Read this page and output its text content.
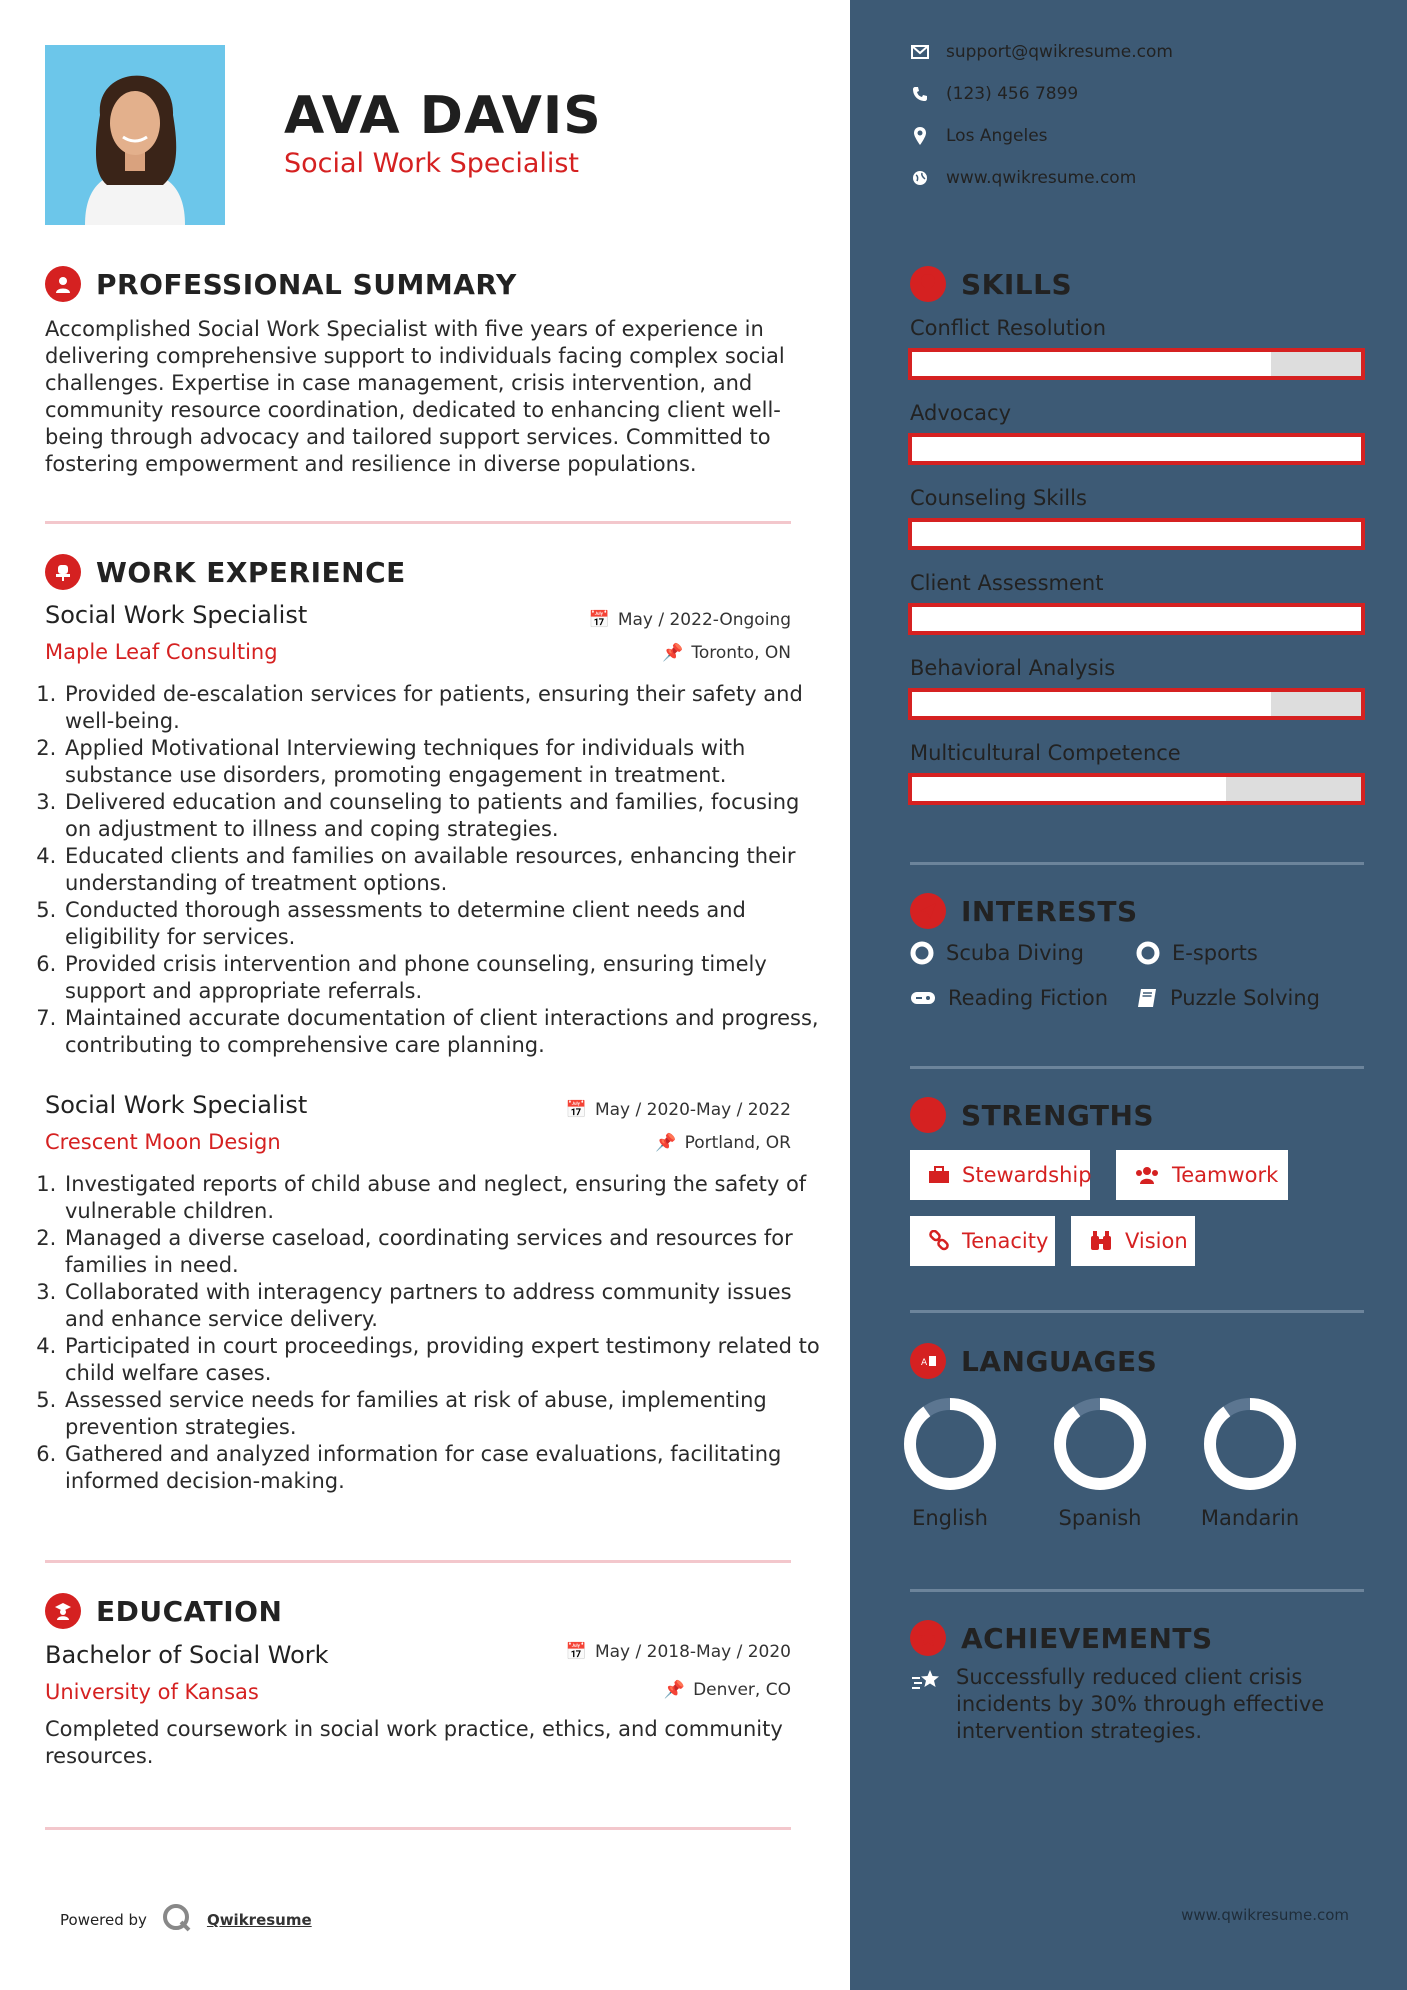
AVA DAVIS
Social Work Specialist
PROFESSIONAL SUMMARY
Accomplished Social Work Specialist with five years of experience in delivering comprehensive support to individuals facing complex social challenges. Expertise in case management, crisis intervention, and community resource coordination, dedicated to enhancing client well-being through advocacy and tailored support services. Committed to fostering empowerment and resilience in diverse populations.
WORK EXPERIENCE
Social Work Specialist
Maple Leaf Consulting
📅 May / 2022-Ongoing
📌 Toronto, ON
1. Provided de-escalation services for patients, ensuring their safety and well-being.
2. Applied Motivational Interviewing techniques for individuals with substance use disorders, promoting engagement in treatment.
3. Delivered education and counseling to patients and families, focusing on adjustment to illness and coping strategies.
4. Educated clients and families on available resources, enhancing their understanding of treatment options.
5. Conducted thorough assessments to determine client needs and eligibility for services.
6. Provided crisis intervention and phone counseling, ensuring timely support and appropriate referrals.
7. Maintained accurate documentation of client interactions and progress, contributing to comprehensive care planning.
Social Work Specialist
Crescent Moon Design
📅 May / 2020-May / 2022
📌 Portland, OR
1. Investigated reports of child abuse and neglect, ensuring the safety of vulnerable children.
2. Managed a diverse caseload, coordinating services and resources for families in need.
3. Collaborated with interagency partners to address community issues and enhance service delivery.
4. Participated in court proceedings, providing expert testimony related to child welfare cases.
5. Assessed service needs for families at risk of abuse, implementing prevention strategies.
6. Gathered and analyzed information for case evaluations, facilitating informed decision-making.
EDUCATION
Bachelor of Social Work
University of Kansas
📅 May / 2018-May / 2020
📌 Denver, CO
Completed coursework in social work practice, ethics, and community resources.
Powered by	Qwikresume
support@qwikresume.com
(123) 456 7899
Los Angeles
www.qwikresume.com
SKILLS
Conflict Resolution
Advocacy
Counseling Skills
Client Assessment
Behavioral Analysis
Multicultural Competence
INTERESTS
Scuba Diving	E-sports
Reading Fiction	Puzzle Solving
STRENGTHS
Stewardship	Teamwork
Tenacity	Vision
A LANGUAGES
English	Spanish	Mandarin
ACHIEVEMENTS
Successfully reduced client crisis incidents by 30% through effective intervention strategies.
www.qwikresume.com
